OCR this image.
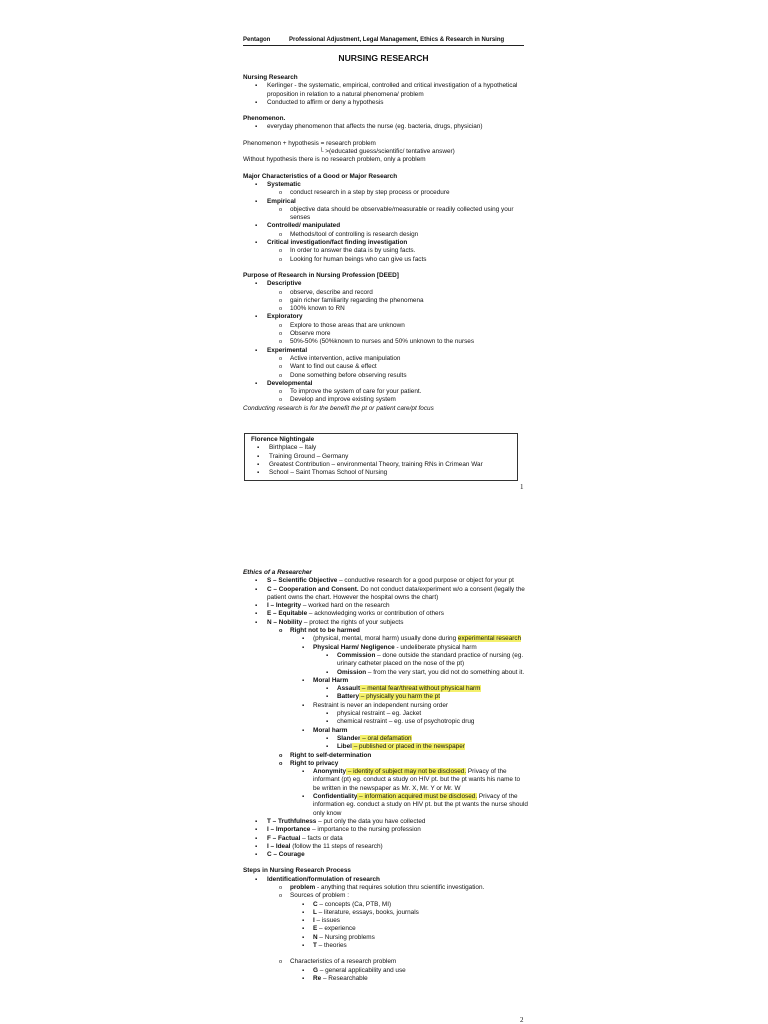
Pentagon	Professional Adjustment, Legal Management, Ethics & Research in Nursing
NURSING RESEARCH
Nursing Research
▪ Kerlinger - the systematic, empirical, controlled and critical investigation of a hypothetical proposition in relation to a natural phenomena/ problem
▪ Conducted to affirm or deny a hypothesis
Phenomenon.
▪ everyday phenomenon that affects the nurse (eg. bacteria, drugs, physician)
Phenomenon + hypothesis = research problem
└ >(educated guess/scientific/ tentative answer)
Without hypothesis there is no research problem, only a problem
Major Characteristics of a Good or Major Research
▪ Systematic
o conduct research in a step by step process or procedure
▪ Empirical
o objective data should be observable/measurable or readily collected using your senses
▪ Controlled/ manipulated
o Methods/tool of controlling is research design
▪ Critical investigation/fact finding investigation
o In order to answer the data is by using facts.
o Looking for human beings who can give us facts
Purpose of Research in Nursing Profession [DEED]
▪ Descriptive
o observe, describe and record
o gain richer familiarity regarding the phenomena
o 100% known to RN
▪ Exploratory
o Explore to those areas that are unknown
o Observe more
o 50%-50% (50%known to nurses and 50% unknown to the nurses
▪ Experimental
o Active intervention, active manipulation
o Want to find out cause & effect
o Done something before observing results
▪ Developmental
o To improve the system of care for your patient.
o Develop and improve existing system
Conducting research is for the benefit the pt or patient care/pt focus
Florence Nightingale
▪ Birthplace – Italy
▪ Training Ground – Germany
▪ Greatest Contribution – environmental Theory, training RNs in Crimean War
▪ School – Saint Thomas School of Nursing
1
Ethics of a Researcher
▪ S – Scientific Objective – conductive research for a good purpose or object for your pt
▪ C – Cooperation and Consent. Do not conduct data/experiment w/o a consent (legally the patient owns the chart. However the hospital owns the chart)
▪ I – Integrity – worked hard on the research
▪ E – Equitable – acknowledging works or contribution of others
▪ N – Nobility – protect the rights of your subjects
o Right not to be harmed
▪ (physical, mental, moral harm) usually done during experimental research
▪ Physical Harm/ Negligence - undeliberate physical harm
▪ Commission – done outside the standard practice of nursing (eg. urinary catheter placed on the nose of the pt)
▪ Omission – from the very start, you did not do something about it.
▪ Moral Harm
▪ Assault – mental fear/threat without physical harm
▪ Battery – physically you harm the pt
▪ Restraint is never an independent nursing order
▪ physical restraint – eg. Jacket
▪ chemical restraint – eg. use of psychotropic drug
▪ Moral harm
▪ Slander – oral defamation
▪ Libel – published or placed in the newspaper
o Right to self-determination
o Right to privacy
▪ Anonymity – identity of subject may not be disclosed. Privacy of the informant (pt) eg. conduct a study on HIV pt. but the pt wants his name to be written in the newspaper as Mr. X, Mr. Y or Mr. W
▪ Confidentiality – information acquired must be disclosed. Privacy of the information eg. conduct a study on HIV pt. but the pt wants the nurse should only know
▪ T – Truthfulness – put only the data you have collected
▪ I – Importance – importance to the nursing profession
▪ F – Factual – facts or data
▪ I – Ideal (follow the 11 steps of research)
▪ C – Courage
Steps in Nursing Research Process
▪ Identification/formulation of research
o problem - anything that requires solution thru scientific investigation.
o Sources of problem :
▪ C – concepts (Ca, PTB, MI)
▪ L – literature, essays, books, journals
▪ I – issues
▪ E – experience
▪ N – Nursing problems
▪ T – theories
o Characteristics of a research problem
▪ G – general applicability and use
▪ Re – Researchable
2
